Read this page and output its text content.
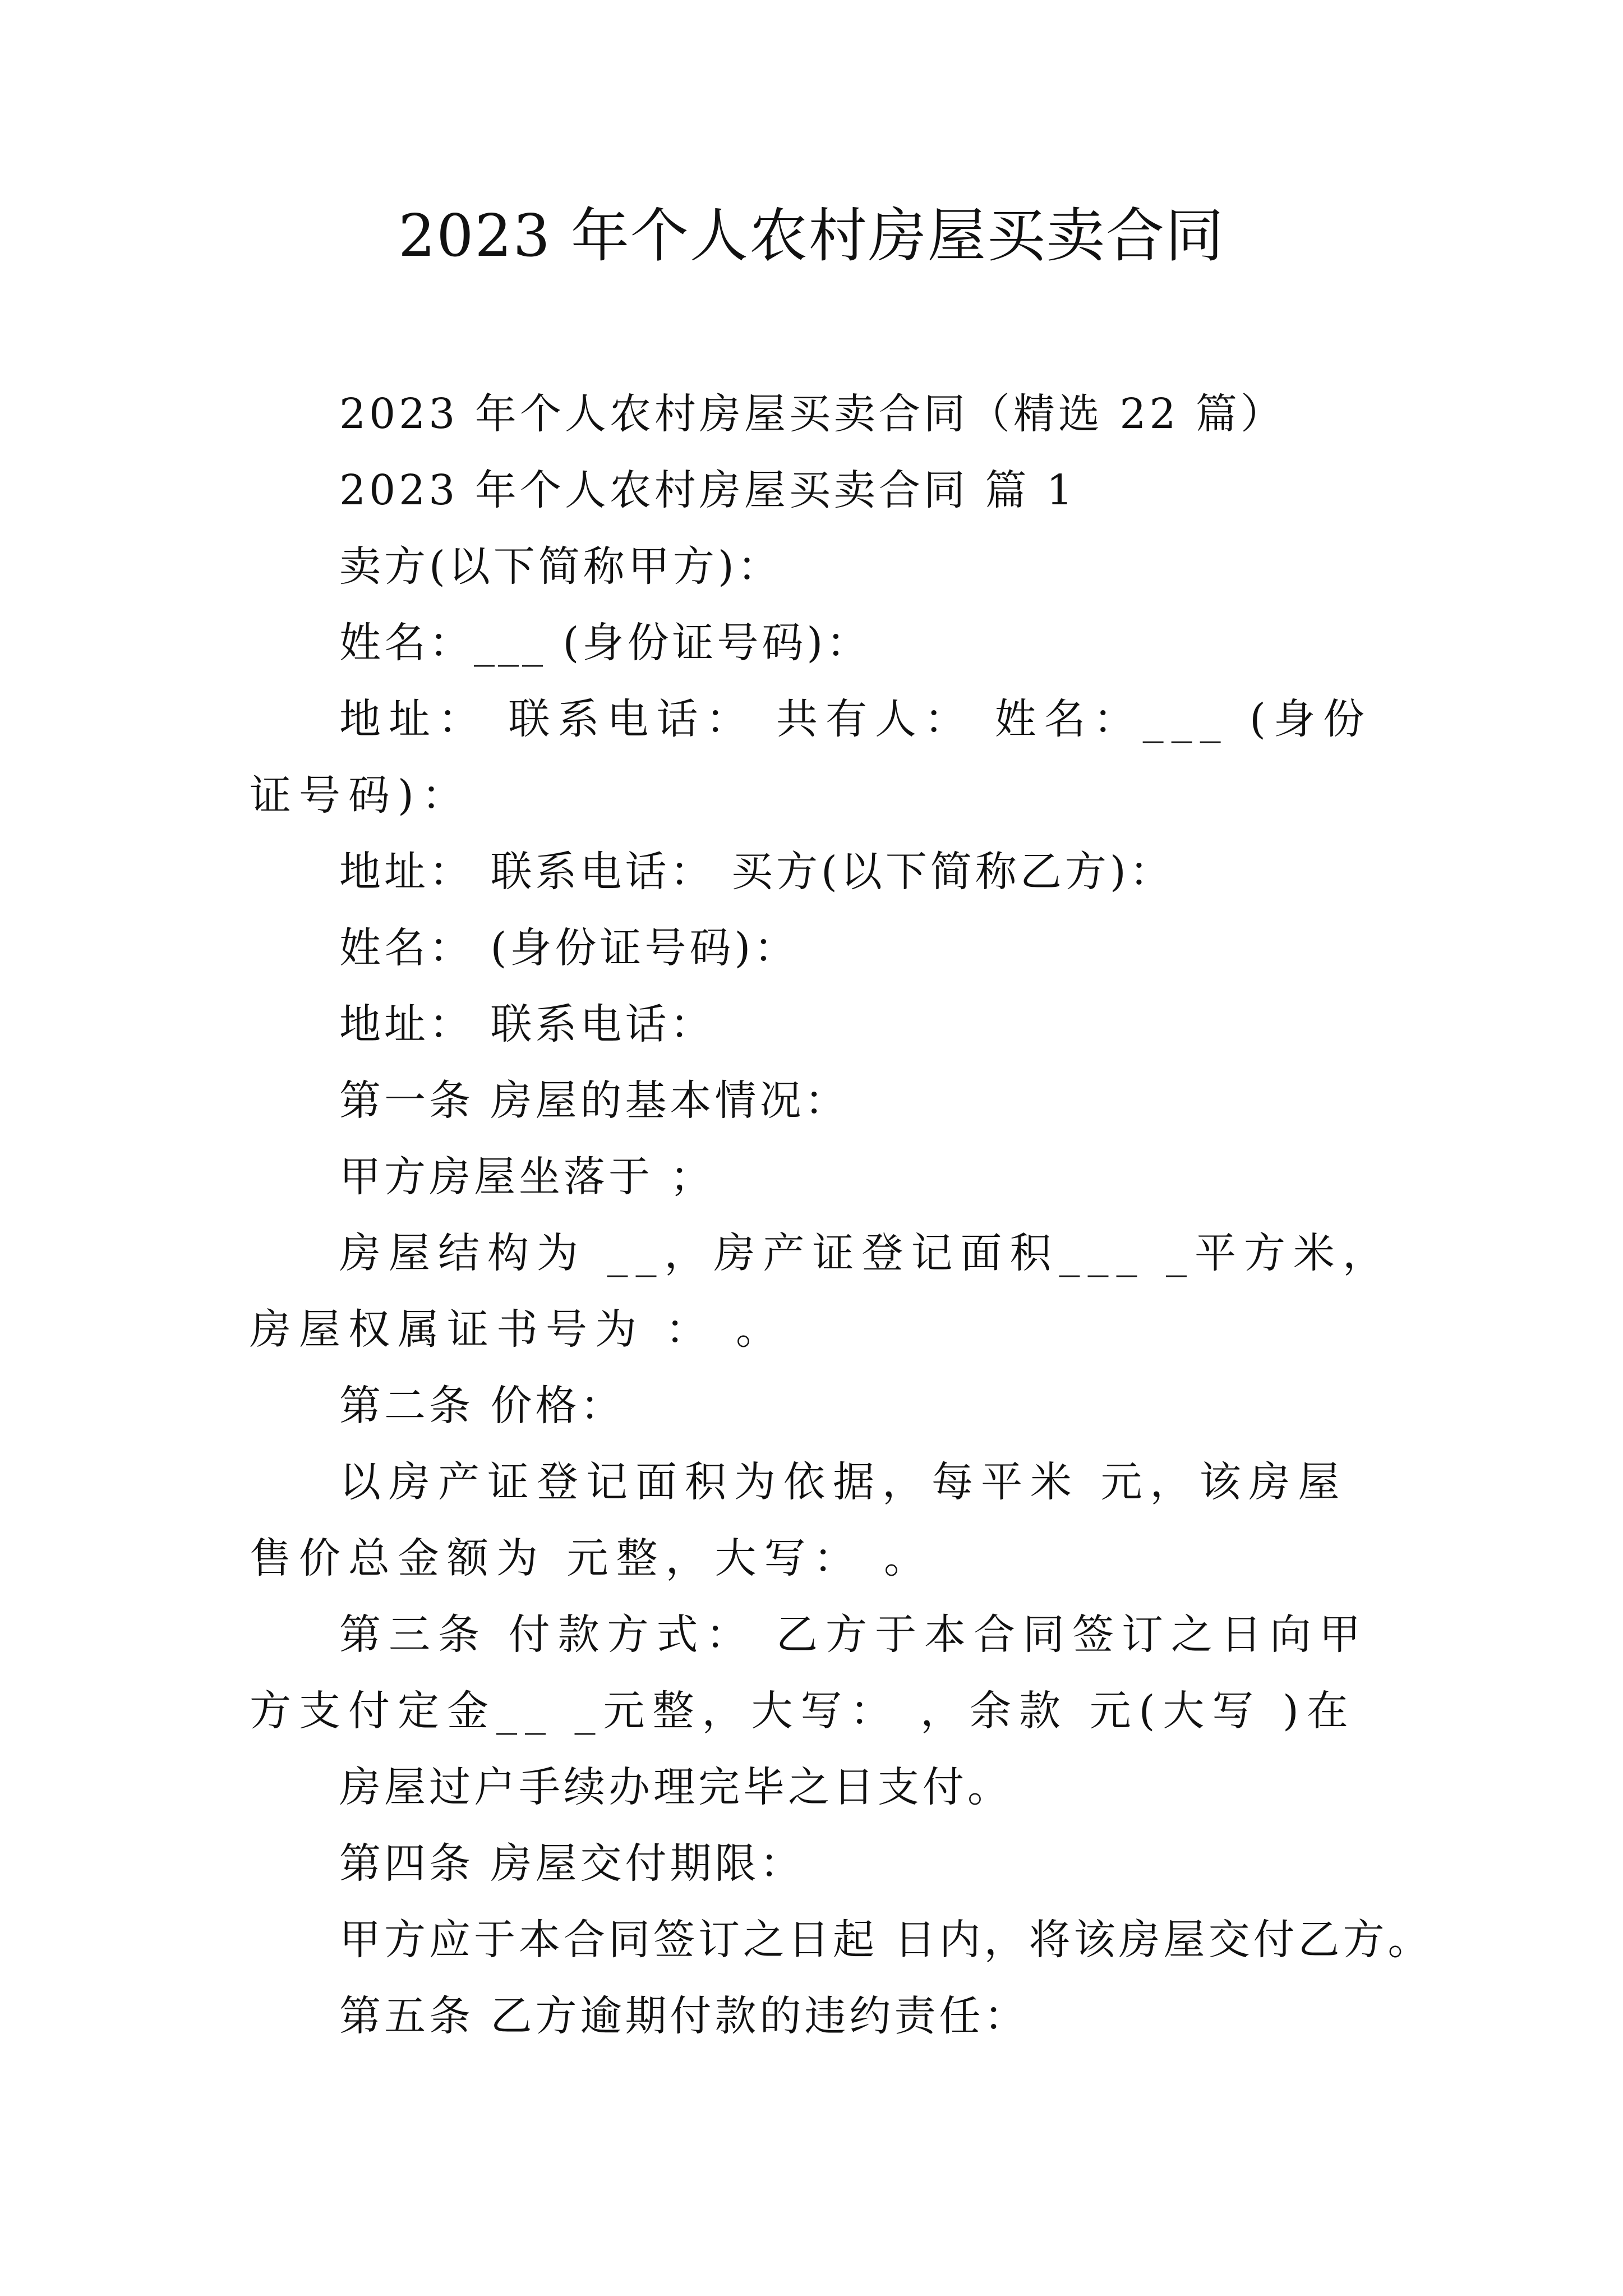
2023 年个人农村房屋买卖合同

2023 年个人农村房屋买卖合同（精选 22 篇）

2023 年个人农村房屋买卖合同 篇 1

卖方(以下简称甲方)：

姓名：___ (身份证号码)：

地址： 联系电话： 共有人： 姓名：___ (身份证号码)：

地址： 联系电话： 买方(以下简称乙方)：

姓名： (身份证号码)：

地址： 联系电话：

第一条 房屋的基本情况：

甲方房屋坐落于 ；

房屋结构为 __，房产证登记面积___ _平方米，房屋权属证书号为 ： 。

第二条 价格：

以房产证登记面积为依据，每平米 元，该房屋售价总金额为 元整，大写： 。

第三条 付款方式： 乙方于本合同签订之日向甲方支付定金__ _元整，大写： ，余款 元(大写 )在

房屋过户手续办理完毕之日支付。

第四条 房屋交付期限：

甲方应于本合同签订之日起 日内，将该房屋交付乙方。

第五条 乙方逾期付款的违约责任：
